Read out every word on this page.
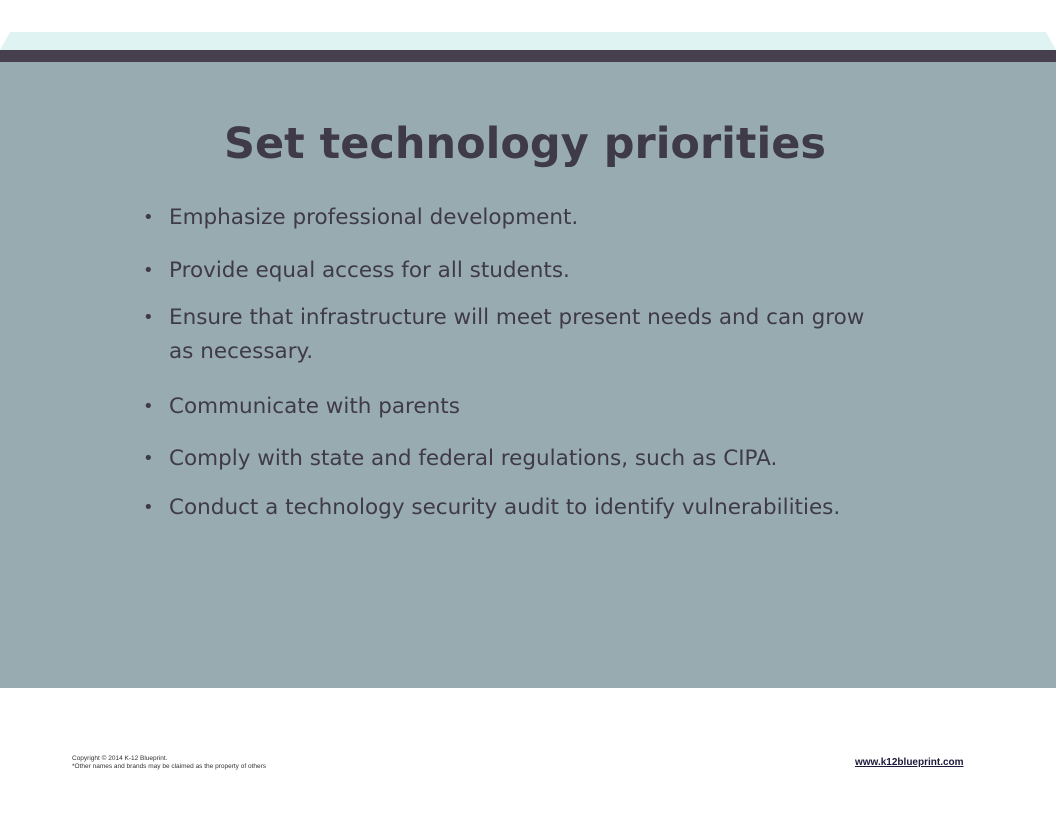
Set technology priorities
• Emphasize professional development.
• Provide equal access for all students.
• Ensure that infrastructure will meet present needs and can grow as necessary.
• Communicate with parents
• Comply with state and federal regulations, such as CIPA.
• Conduct a technology security audit to identify vulnerabilities.
Copyright © 2014 K-12 Blueprint.
*Other names and brands may be claimed as the property of others	www.k12blueprint.com
